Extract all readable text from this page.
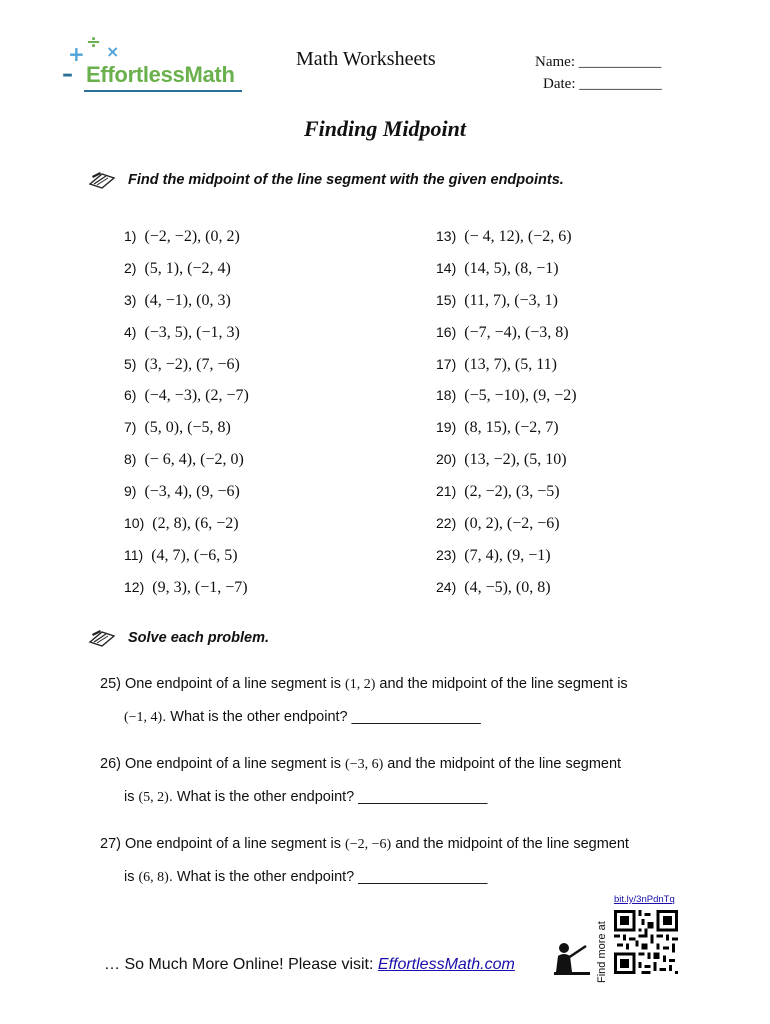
+ ÷ ×
– EffortlessMath
Math Worksheets	Name: ___________
Date: ___________
Finding Midpoint
Find the midpoint of the line segment with the given endpoints.
1) (−2, −2), (0, 2)
2) (5, 1), (−2, 4)
3) (4, −1), (0, 3)
4) (−3, 5), (−1, 3)
5) (3, −2), (7, −6)
6) (−4, −3), (2, −7)
7) (5, 0), (−5, 8)
8) (− 6, 4), (−2, 0)
9) (−3, 4), (9, −6)
10) (2, 8), (6, −2)
11) (4, 7), (−6, 5)
12) (9, 3), (−1, −7)
13) (− 4, 12), (−2, 6)
14) (14, 5), (8, −1)
15) (11, 7), (−3, 1)
16) (−7, −4), (−3, 8)
17) (13, 7), (5, 11)
18) (−5, −10), (9, −2)
19) (8, 15), (−2, 7)
20) (13, −2), (5, 10)
21) (2, −2), (3, −5)
22) (0, 2), (−2, −6)
23) (7, 4), (9, −1)
24) (4, −5), (0, 8)
Solve each problem.
25) One endpoint of a line segment is (1, 2) and the midpoint of the line segment is
(−1, 4). What is the other endpoint? ________________
26) One endpoint of a line segment is (−3, 6) and the midpoint of the line segment
is (5, 2). What is the other endpoint? ________________
27) One endpoint of a line segment is (−2, −6) and the midpoint of the line segment
is (6, 8). What is the other endpoint? ________________
bit.ly/3nPdnTq
… So Much More Online! Please visit: EffortlessMath.com	Find more at
